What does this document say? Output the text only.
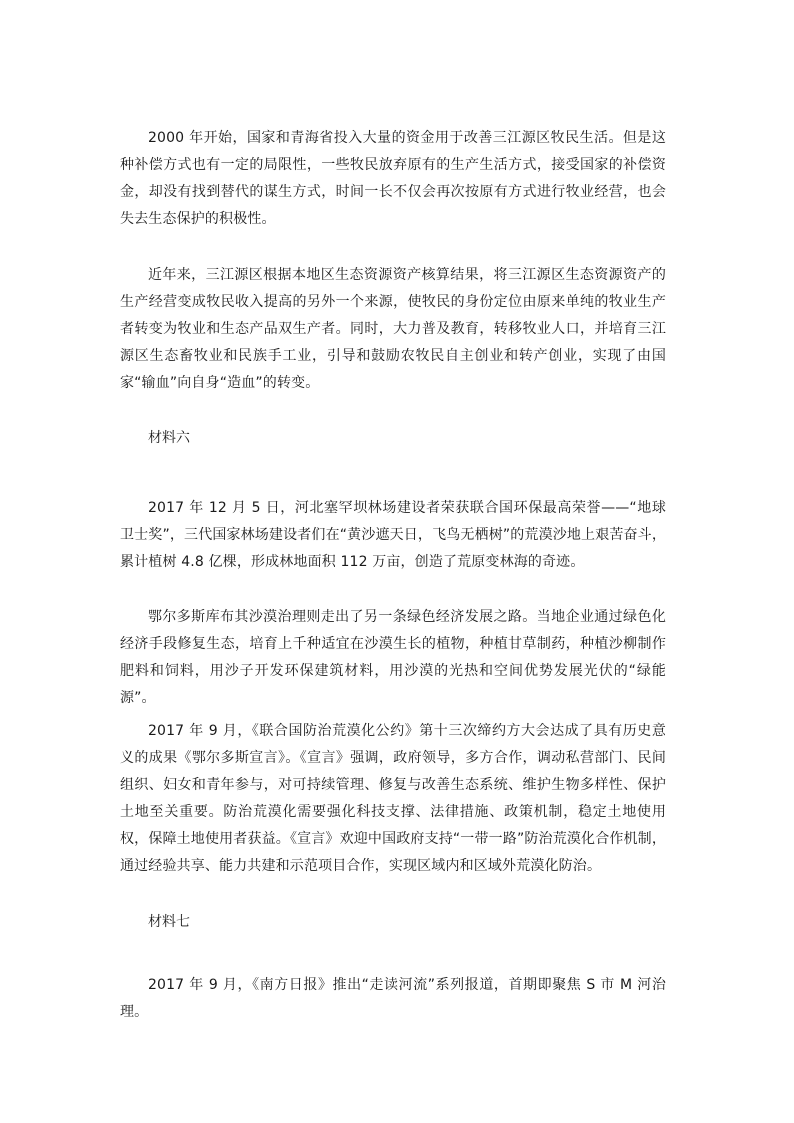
2000 年开始，国家和青海省投入大量的资金用于改善三江源区牧民生活。但是这种补偿方式也有一定的局限性，一些牧民放弃原有的生产生活方式，接受国家的补偿资金，却没有找到替代的谋生方式，时间一长不仅会再次按原有方式进行牧业经营，也会失去生态保护的积极性。

近年来，三江源区根据本地区生态资源资产核算结果，将三江源区生态资源资产的生产经营变成牧民收入提高的另外一个来源，使牧民的身份定位由原来单纯的牧业生产者转变为牧业和生态产品双生产者。同时，大力普及教育，转移牧业人口，并培育三江源区生态畜牧业和民族手工业，引导和鼓励农牧民自主创业和转产创业，实现了由国家“输血”向自身“造血”的转变。

材料六

2017 年 12 月 5 日，河北塞罕坝林场建设者荣获联合国环保最高荣誉——“地球卫士奖”，三代国家林场建设者们在“黄沙遮天日，飞鸟无栖树”的荒漠沙地上艰苦奋斗，累计植树 4.8 亿棵，形成林地面积 112 万亩，创造了荒原变林海的奇迹。

鄂尔多斯库布其沙漠治理则走出了另一条绿色经济发展之路。当地企业通过绿色化经济手段修复生态，培育上千种适宜在沙漠生长的植物，种植甘草制药，种植沙柳制作肥料和饲料，用沙子开发环保建筑材料，用沙漠的光热和空间优势发展光伏的“绿能源”。

2017 年 9 月，《联合国防治荒漠化公约》第十三次缔约方大会达成了具有历史意义的成果《鄂尔多斯宣言》。《宣言》强调，政府领导，多方合作，调动私营部门、民间组织、妇女和青年参与，对可持续管理、修复与改善生态系统、维护生物多样性、保护土地至关重要。防治荒漠化需要强化科技支撑、法律措施、政策机制，稳定土地使用权，保障土地使用者获益。《宣言》欢迎中国政府支持“一带一路”防治荒漠化合作机制，通过经验共享、能力共建和示范项目合作，实现区域内和区域外荒漠化防治。

材料七

2017 年 9 月，《南方日报》推出“走读河流”系列报道，首期即聚焦 S 市 M 河治理。
